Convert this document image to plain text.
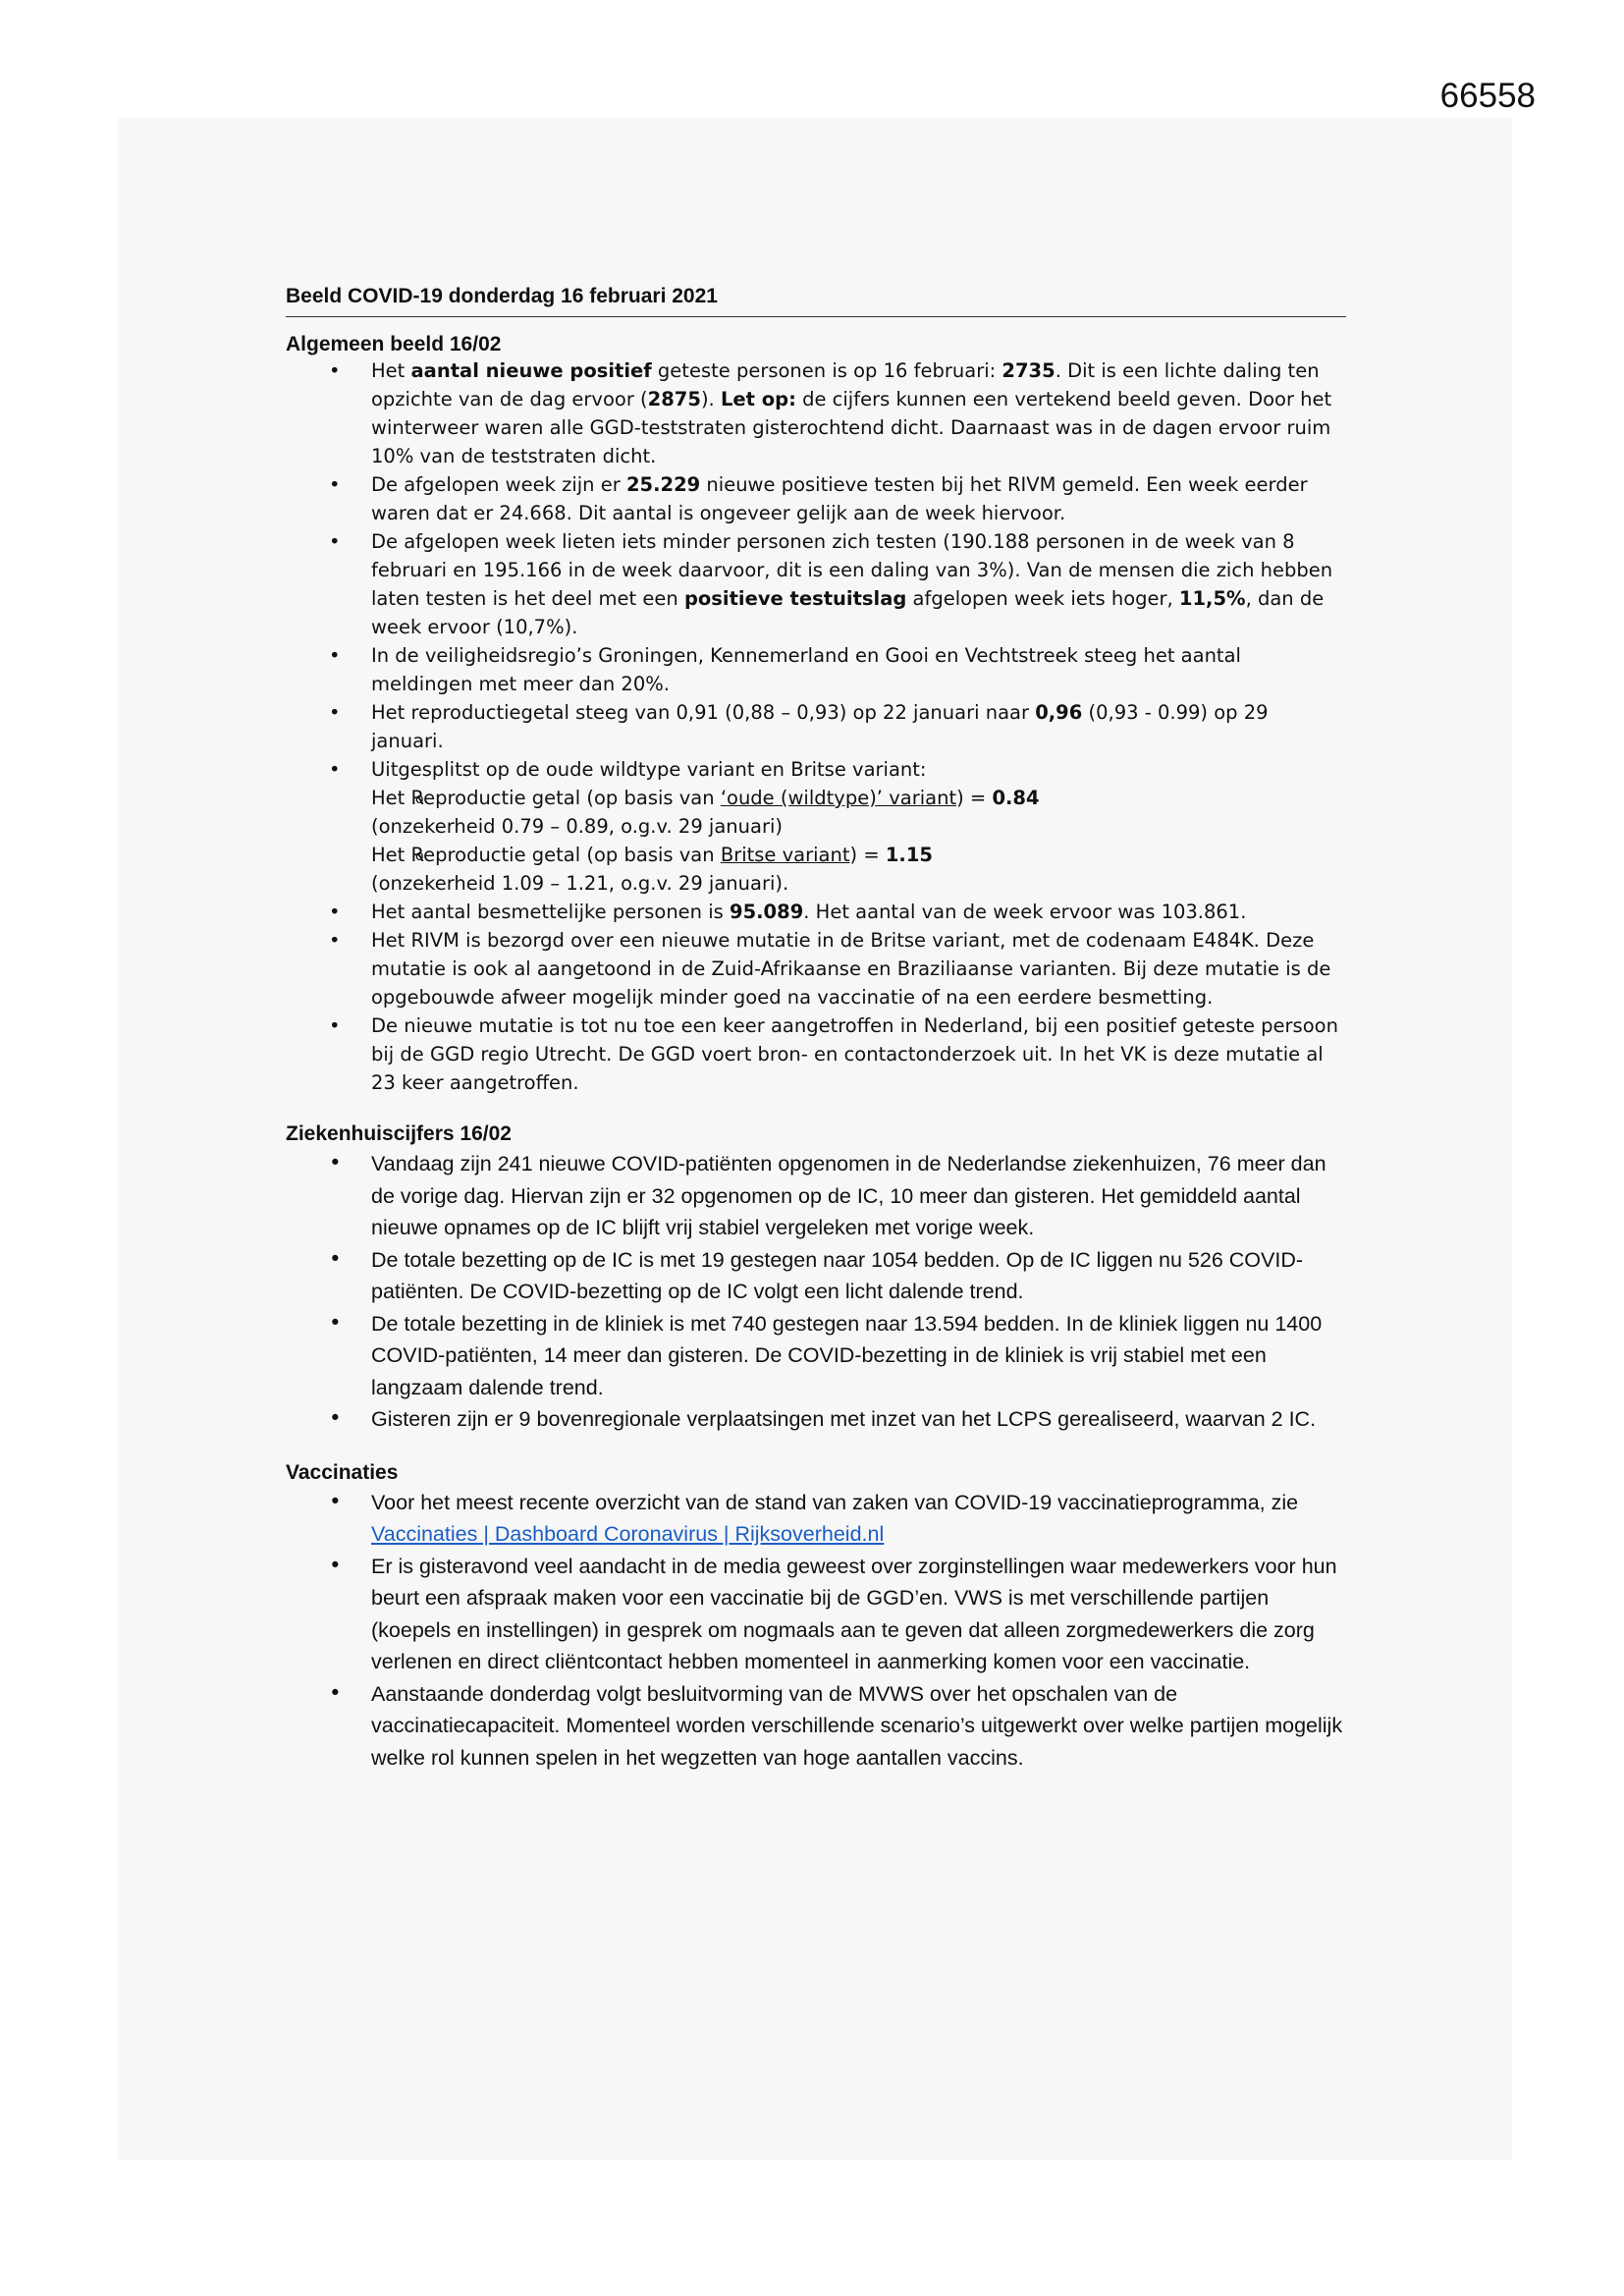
66558
Beeld COVID-19 donderdag 16 februari 2021
Algemeen beeld 16/02
• Het aantal nieuwe positief geteste personen is op 16 februari: 2735. Dit is een lichte daling ten opzichte van de dag ervoor (2875). Let op: de cijfers kunnen een vertekend beeld geven. Door het winterweer waren alle GGD-teststraten gisterochtend dicht. Daarnaast was in de dagen ervoor ruim 10% van de teststraten dicht.
• De afgelopen week zijn er 25.229 nieuwe positieve testen bij het RIVM gemeld. Een week eerder waren dat er 24.668. Dit aantal is ongeveer gelijk aan de week hiervoor.
• De afgelopen week lieten iets minder personen zich testen (190.188 personen in de week van 8 februari en 195.166 in de week daarvoor, dit is een daling van 3%). Van de mensen die zich hebben laten testen is het deel met een positieve testuitslag afgelopen week iets hoger, 11,5%, dan de week ervoor (10,7%).
• In de veiligheidsregio’s Groningen, Kennemerland en Gooi en Vechtstreek steeg het aantal meldingen met meer dan 20%.
• Het reproductiegetal steeg van 0,91 (0,88 – 0,93) op 22 januari naar 0,96 (0,93 - 0.99) op 29 januari.
• Uitgesplitst op de oude wildtype variant en Britse variant:
o Het Reproductie getal (op basis van ‘oude (wildtype)’ variant) = 0.84
(onzekerheid 0.79 – 0.89, o.g.v. 29 januari)
o Het Reproductie getal (op basis van Britse variant) = 1.15
(onzekerheid 1.09 – 1.21, o.g.v. 29 januari).
• Het aantal besmettelijke personen is 95.089. Het aantal van de week ervoor was 103.861.
• Het RIVM is bezorgd over een nieuwe mutatie in de Britse variant, met de codenaam E484K. Deze mutatie is ook al aangetoond in de Zuid-Afrikaanse en Braziliaanse varianten. Bij deze mutatie is de opgebouwde afweer mogelijk minder goed na vaccinatie of na een eerdere besmetting.
• De nieuwe mutatie is tot nu toe een keer aangetroffen in Nederland, bij een positief geteste persoon bij de GGD regio Utrecht. De GGD voert bron- en contactonderzoek uit. In het VK is deze mutatie al 23 keer aangetroffen.
Ziekenhuiscijfers 16/02
• Vandaag zijn 241 nieuwe COVID-patiënten opgenomen in de Nederlandse ziekenhuizen, 76 meer dan de vorige dag. Hiervan zijn er 32 opgenomen op de IC, 10 meer dan gisteren. Het gemiddeld aantal nieuwe opnames op de IC blijft vrij stabiel vergeleken met vorige week.
• De totale bezetting op de IC is met 19 gestegen naar 1054 bedden. Op de IC liggen nu 526 COVID-patiënten. De COVID-bezetting op de IC volgt een licht dalende trend.
• De totale bezetting in de kliniek is met 740 gestegen naar 13.594 bedden. In de kliniek liggen nu 1400 COVID-patiënten, 14 meer dan gisteren. De COVID-bezetting in de kliniek is vrij stabiel met een langzaam dalende trend.
• Gisteren zijn er 9 bovenregionale verplaatsingen met inzet van het LCPS gerealiseerd, waarvan 2 IC.
Vaccinaties
• Voor het meest recente overzicht van de stand van zaken van COVID-19 vaccinatieprogramma, zie Vaccinaties | Dashboard Coronavirus | Rijksoverheid.nl
• Er is gisteravond veel aandacht in de media geweest over zorginstellingen waar medewerkers voor hun beurt een afspraak maken voor een vaccinatie bij de GGD’en. VWS is met verschillende partijen (koepels en instellingen) in gesprek om nogmaals aan te geven dat alleen zorgmedewerkers die zorg verlenen en direct cliëntcontact hebben momenteel in aanmerking komen voor een vaccinatie.
• Aanstaande donderdag volgt besluitvorming van de MVWS over het opschalen van de vaccinatiecapaciteit. Momenteel worden verschillende scenario’s uitgewerkt over welke partijen mogelijk welke rol kunnen spelen in het wegzetten van hoge aantallen vaccins.
